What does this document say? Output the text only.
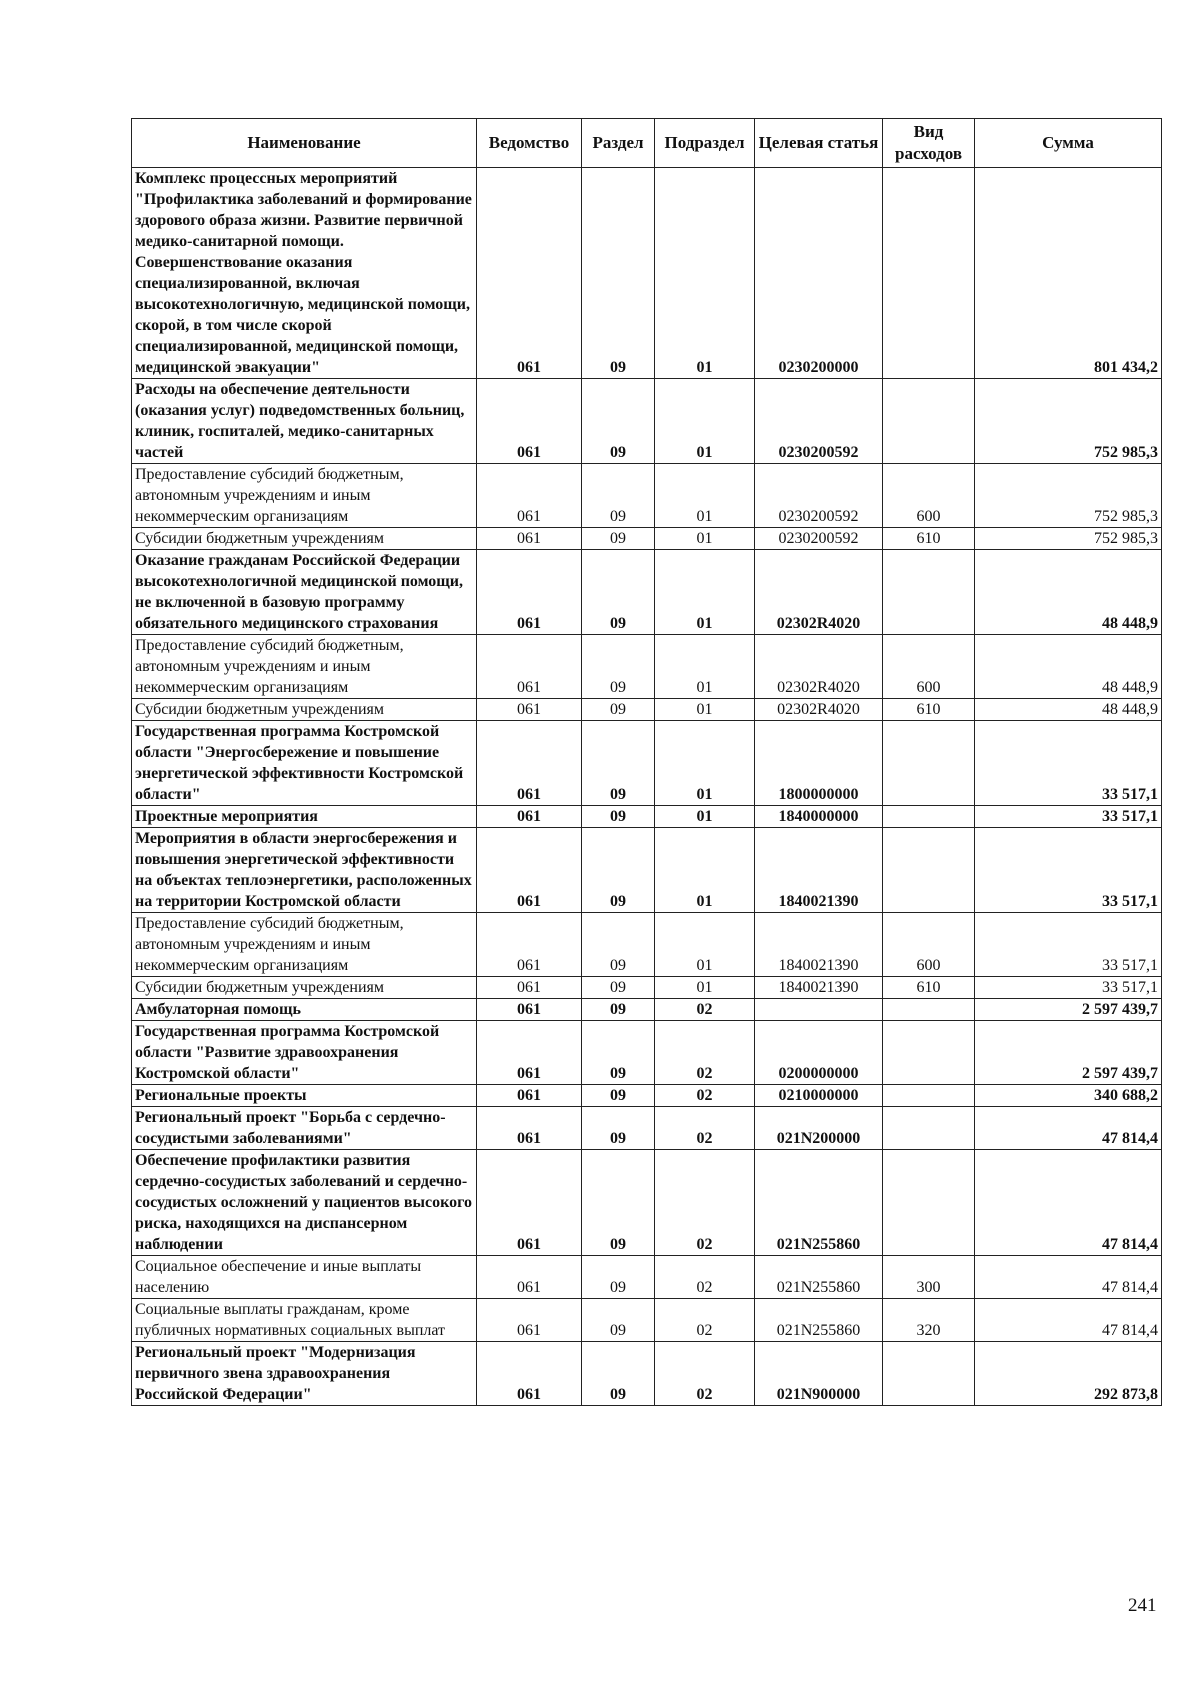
Наименование	Ведомство	Раздел	Подраздел	Целевая статья	Вид расходов	Сумма
Комплекс процессных мероприятий "Профилактика заболеваний и формирование здорового образа жизни. Развитие первичной медико-санитарной помощи. Совершенствование оказания специализированной, включая высокотехнологичную, медицинской помощи, скорой, в том числе скорой специализированной, медицинской помощи, медицинской эвакуации"	061	09	01	0230200000		801 434,2
Расходы на обеспечение деятельности (оказания услуг) подведомственных больниц, клиник, госпиталей, медико-санитарных частей	061	09	01	0230200592		752 985,3
Предоставление субсидий бюджетным, автономным учреждениям и иным некоммерческим организациям	061	09	01	0230200592	600	752 985,3
Субсидии бюджетным учреждениям	061	09	01	0230200592	610	752 985,3
Оказание гражданам Российской Федерации высокотехнологичной медицинской помощи, не включенной в базовую программу обязательного медицинского страхования	061	09	01	02302R4020		48 448,9
Предоставление субсидий бюджетным, автономным учреждениям и иным некоммерческим организациям	061	09	01	02302R4020	600	48 448,9
Субсидии бюджетным учреждениям	061	09	01	02302R4020	610	48 448,9
Государственная программа Костромской области "Энергосбережение и повышение энергетической эффективности Костромской области"	061	09	01	1800000000		33 517,1
Проектные мероприятия	061	09	01	1840000000		33 517,1
Мероприятия в области энергосбережения и повышения энергетической эффективности на объектах теплоэнергетики, расположенных на территории Костромской области	061	09	01	1840021390		33 517,1
Предоставление субсидий бюджетным, автономным учреждениям и иным некоммерческим организациям	061	09	01	1840021390	600	33 517,1
Субсидии бюджетным учреждениям	061	09	01	1840021390	610	33 517,1
Амбулаторная помощь	061	09	02			2 597 439,7
Государственная программа Костромской области "Развитие здравоохранения Костромской области"	061	09	02	0200000000		2 597 439,7
Региональные проекты	061	09	02	0210000000		340 688,2
Региональный проект "Борьба с сердечно-сосудистыми заболеваниями"	061	09	02	021N200000		47 814,4
Обеспечение профилактики развития сердечно-сосудистых заболеваний и сердечно-сосудистых осложнений у пациентов высокого риска, находящихся на диспансерном наблюдении	061	09	02	021N255860		47 814,4
Социальное обеспечение и иные выплаты населению	061	09	02	021N255860	300	47 814,4
Социальные выплаты гражданам, кроме публичных нормативных социальных выплат	061	09	02	021N255860	320	47 814,4
Региональный проект "Модернизация первичного звена здравоохранения Российской Федерации"	061	09	02	021N900000		292 873,8
241
